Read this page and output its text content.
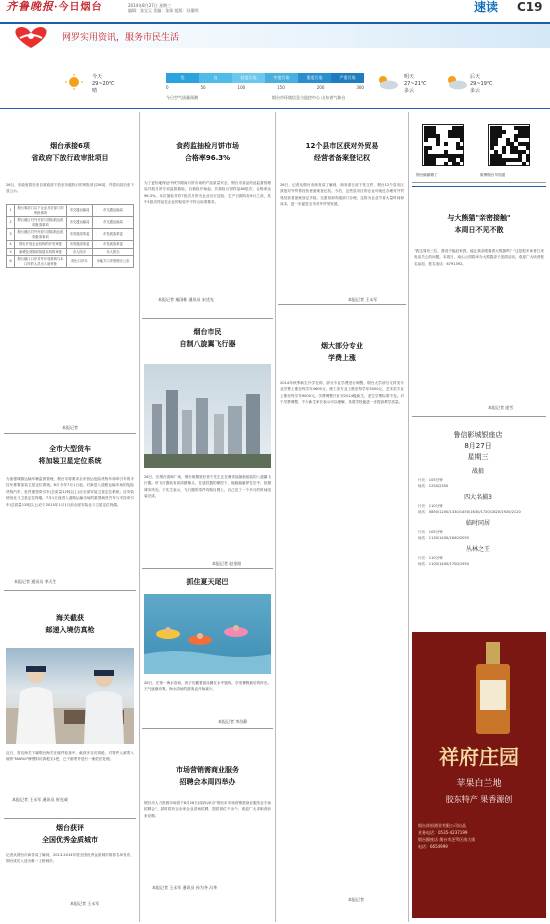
齐鲁晚报·今日烟台	2014年8月27日 星期三
编辑：张宝玉 美编：张琛 组版：孙董明	速读 C19
网罗实用资讯，服务市民生活
今天
29~20℃
晴
优	良	轻度污染	中度污染	重度污染	严重污染
0	50	100	150	200	300
今日空气质量预测	烟台市环境信息与监控中心 山东省气象台
明天
27~21℃
多云
后天
29~19℃
多云
烟台承接6项
省政府下放行政审批项目
26日，市政府将在来自省政府下放至市级执行的审批项目26项，并将向其后来下放公示。
1	烟台事部门以下企业对应部门的审批事项	市交通运输局	市交通运输局
2	烟台港区对外开放与国际航运机构批准事项	市交通运输局	市交通运输局
3	烟台港区对外开放与国际航运机构批准事项	市发展改革委	市发展改革委
4	烟台开放企业机构的开发审批	市发展改革委	市发展改革委
5	新增及到期或续展本机构审批	市人防办	市人防办
6	烟台港口口岸对外开放机构与本口岸的人员出入境审批	烟台口岸办	市地方口岸管理办公室
本报记者
全市大型货车
将加装卫星定位系统
为加强城源运输车辆监督管理，烟台市将要求全市营运危险货物车和牵引车的半挂车都要加装卫星定位系统。8月今年7月1日起，对新进入道路运输市场的危险货物汽车、危货重型牵引车(总质量12吨以上)应全部安装卫星定位系统；应安装使用北斗卫星定位终端。7月1日前进入道路运输市场的重型载货汽车与半挂牵引车(总质量12吨以上)应于2015年1月1日前全部安装北斗卫星定位终端。
本报记者 通讯员 李天生
海关截获
邮递入境仿真枪
近日，青岛海关下属烟台海关在邮件检查中，截获多支仿真枪，对寄件人邮寄入境的"MARUI"牌塑料仿真枪支1把，已于邮寄并进行一案依法处理。
本报记者 王永军 通讯员 崔光威
烟台获评
全国优秀金质城市
记者从烟台市商务局了解到，2013-2014年度全国优秀金质城市推荐名单发布，烟台成功入选为唯一上榜城市。
本报记者 王永军
食药监抽检月饼市场
合格率96.3%
为了更好地保证中秋节期间月饼市场的产品质量安全，烟台市食品药品监督管理局开展月饼专项监督抽检。自抽检开始起，共抽检月饼样品80批次，合格率达96.3%。本次抽检共有7批次月饼为企业自行送检，生产日期均在8月之前，其中1批次样品在企业的检验中不符合标准要求。
本报记者 秦国栋 通讯员 宋述光
烟台市民
自制八旋翼飞行器
26日，在烟台滨海广场，烟台航模爱好者于先生正在调试他最新组装的八旋翼飞行器。该飞行器装有高清摄像头，在遥控器的操控下，能稳稳悬停在空中，拍摄城市风光。于先生表示，飞行器的零件均购自网上，自己花了一个多月的时间组装完成。
本报记者 赵金阳
抓住夏天尾巴
26日，在第一海水浴场，孩子们戴着游泳圈在水中嬉戏，享受暑假最后的时光。天气逐渐凉爽，海水浴场的游客也开始减少。
本报记者 李泊静
市场营销需商业服务
招聘会本周四举办
烟台市人力资源市场将于8月28日(周四)举办"烟台市市场营销需商业服务业专场招聘会"，届时将有百余家企业进场招聘，提供岗位千余个，欢迎广大求职者前来应聘。
本报记者 王永军 通讯员 孙为冬 冯华
12个县市区获对外贸易
经营者备案登记权
26日，记者从烟台市商务局了解到，商务部日前下发文件，烟台12个县市区获批对外贸易经营者备案登记权。今后，这些县市区的企业可就近办理对外贸易经营者备案登记手续，无需再到市级部门办理，这将为企业节省大量时间和成本，进一步促进全市对外贸易发展。
本报记者 王永军
烟大部分专业
学费上涨
2014年秋季新生开学在即，部分专业学费进行调整。烟台大学部分文科类专业学费上涨至每学年4600元，理工类专业上涨至每学年5000元，艺术类专业上涨至每学年9000元。学费调整只针对2014级新生，老生学费标准不变。对于学费调整，不少新生家长表示可以理解，希望学校能进一步提高教学质量。
本报记者
烟台偷偷攒了	微博烟台早知道
与大熊猫"亲密接触"
本周日不见不散
"我这周有三位，我说不能赶来我，能让我亲眼看看大熊猫吗？"这是很多读者打来电话关心的问题。本周日，南山公园将举办大熊猫亲子见面活动，欢迎广大读者报名参加，报名电话：6791392。
本报记者 庞雪
鲁信影城银座店
8月27日
星期三
战狼
片长：105分钟
场次：1250/2350
四大名捕3
片长：110分钟
场次：0850/1200/1330/1450/1630/1720/1820/1920/2120
临时同居
片长：105分钟
场次：1130/1430/1640/2055
丛林之王
片长：110分钟
场次：1100/1445/1700/1950
祥府庄园
苹果白兰地
胶东特产 果香源创
烟台祥府酒业有限公司出品
业务电话：0535-4237199
烟台銀座店 烟台市芝罘区南大街
电话：6654999
